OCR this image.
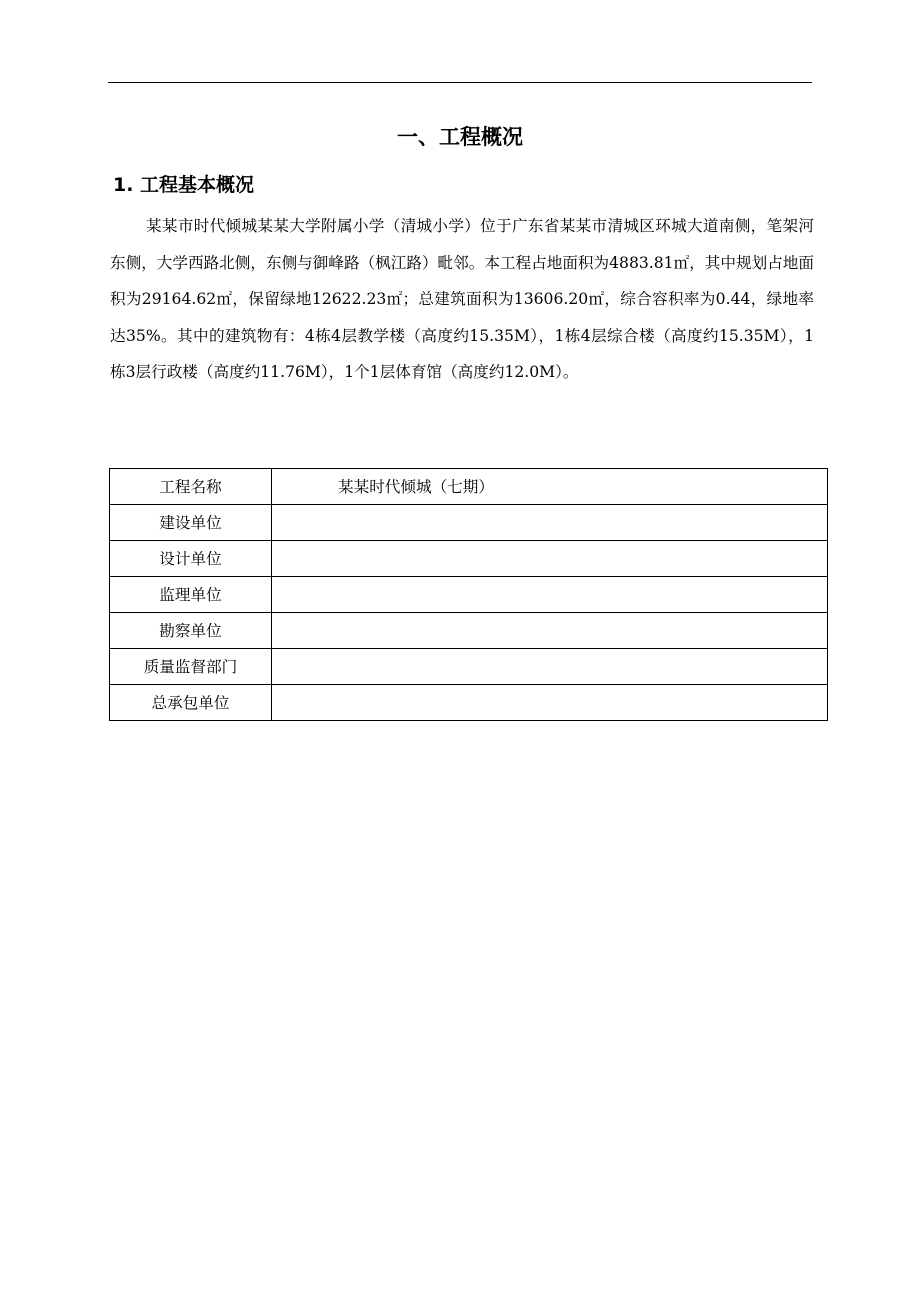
一、工程概况
1. 工程基本概况

某某市时代倾城某某大学附属小学（清城小学）位于广东省某某市清城区环城大道南侧，笔架河东侧，大学西路北侧，东侧与御峰路（枫江路）毗邻。本工程占地面积为4883.81㎡，其中规划占地面积为29164.62㎡，保留绿地12622.23㎡；总建筑面积为13606.20㎡，综合容积率为0.44，绿地率达35%。其中的建筑物有：4栋4层教学楼（高度约15.35M），1栋4层综合楼（高度约15.35M），1栋3层行政楼（高度约11.76M），1个1层体育馆（高度约12.0M）。

工程名称	某某时代倾城（七期）
建设单位	
设计单位	
监理单位	
勘察单位	
质量监督部门	
总承包单位	
